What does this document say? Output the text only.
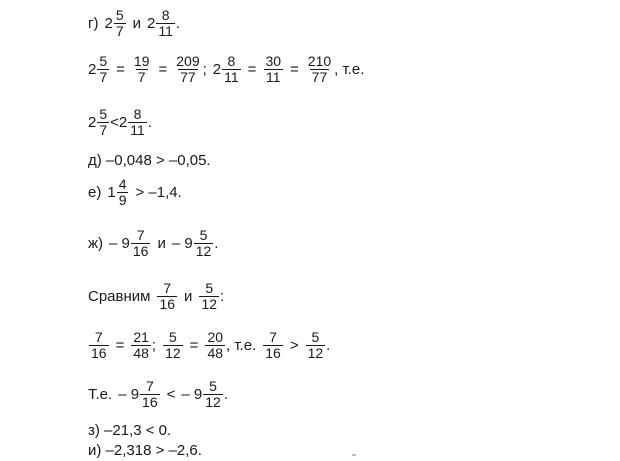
г) $2 \frac{5}{7}$ и $2 \frac{8}{11}$ .
$2 \frac{5}{7} = \frac{19}{7} = \frac{209}{77}$ ; $2 \frac{8}{11} = \frac{30}{11} = \frac{210}{77}$ , т.е.
$2 \frac{5}{7} < 2 \frac{8}{11}$ .
д) –0,048 > –0,05.
е) $1 \frac{4}{9} > -1,4$.
$ж) - 9 \frac{7}{16}$ и – $9 \frac{5}{12}$ .
Сравним $\frac{7}{16}$ и $\frac{5}{12}$ :
$\frac{7}{16} = \frac{21}{48}$ ; $\frac{5}{12} = \frac{20}{48}$ , т.е. $\frac{7}{16} > \frac{5}{12}$ .
Т.е. – $9 \frac{7}{16}$ < – $9 \frac{5}{12}$ .
з) –21,3 < 0.
и) –2,318 > –2,6.
